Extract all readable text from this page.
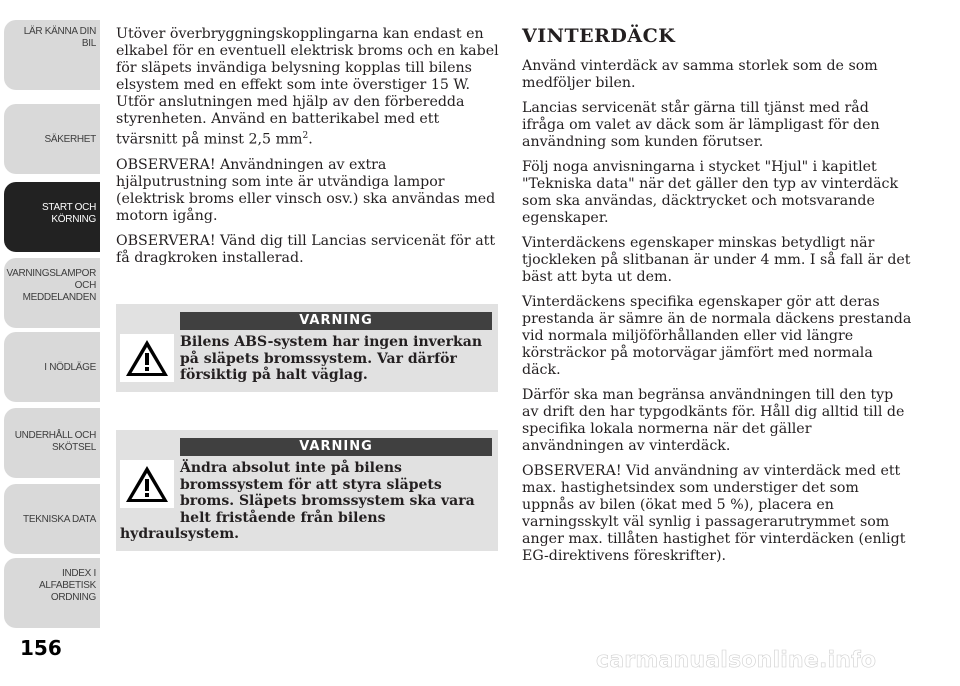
LÄR KÄNNA DIN
BIL
SÄKERHET
START OCH
KÖRNING
VARNINGSLAMPOR
OCH
MEDDELANDEN
I NÖDLÄGE
UNDERHÅLL OCH
SKÖTSEL
TEKNISKA DATA
INDEX I
ALFABETISK
ORDNING
156

Utöver överbryggningskopplingarna kan endast en elkabel för en eventuell elektrisk broms och en kabel för släpets invändiga belysning kopplas till bilens elsystem med en effekt som inte överstiger 15 W. Utför anslutningen med hjälp av den förberedda styrenheten. Använd en batterikabel med ett tvärsnitt på minst 2,5 $mm^2$.

OBSERVERA! Användningen av extra hjälputrustning som inte är utvändiga lampor (elektrisk broms eller vinsch osv.) ska användas med motorn igång.

OBSERVERA! Vänd dig till Lancias servicenät för att få dragkroken installerad.

VARNING
Bilens ABS-system har ingen inverkan på släpets bromssystem. Var därför försiktig på halt väglag.
VARNING
Ändra absolut inte på bilens bromssystem för att styra släpets broms. Släpets bromssystem ska vara helt fristående från bilens hydraulsystem.
VINTERDÄCK

Använd vinterdäck av samma storlek som de som medföljer bilen.

Lancias servicenät står gärna till tjänst med råd ifråga om valet av däck som är lämpligast för den användning som kunden förutser.

Följ noga anvisningarna i stycket "Hjul" i kapitlet "Tekniska data" när det gäller den typ av vinterdäck som ska användas, däcktrycket och motsvarande egenskaper.

Vinterdäckens egenskaper minskas betydligt när tjockleken på slitbanan är under 4 mm. I så fall är det bäst att byta ut dem.

Vinterdäckens specifika egenskaper gör att deras prestanda är sämre än de normala däckens prestanda vid normala miljöförhållanden eller vid längre körsträckor på motorvägar jämfört med normala däck.

Därför ska man begränsa användningen till den typ av drift den har typgodkänts för. Håll dig alltid till de specifika lokala normerna när det gäller användningen av vinterdäck.

OBSERVERA! Vid användning av vinterdäck med ett max. hastighetsindex som understiger det som uppnås av bilen (ökat med 5 %), placera en varningsskylt väl synlig i passagerarutrymmet som anger max. tillåten hastighet för vinterdäcken (enligt EG-direktivens föreskrifter).

carmanualsonline.info
